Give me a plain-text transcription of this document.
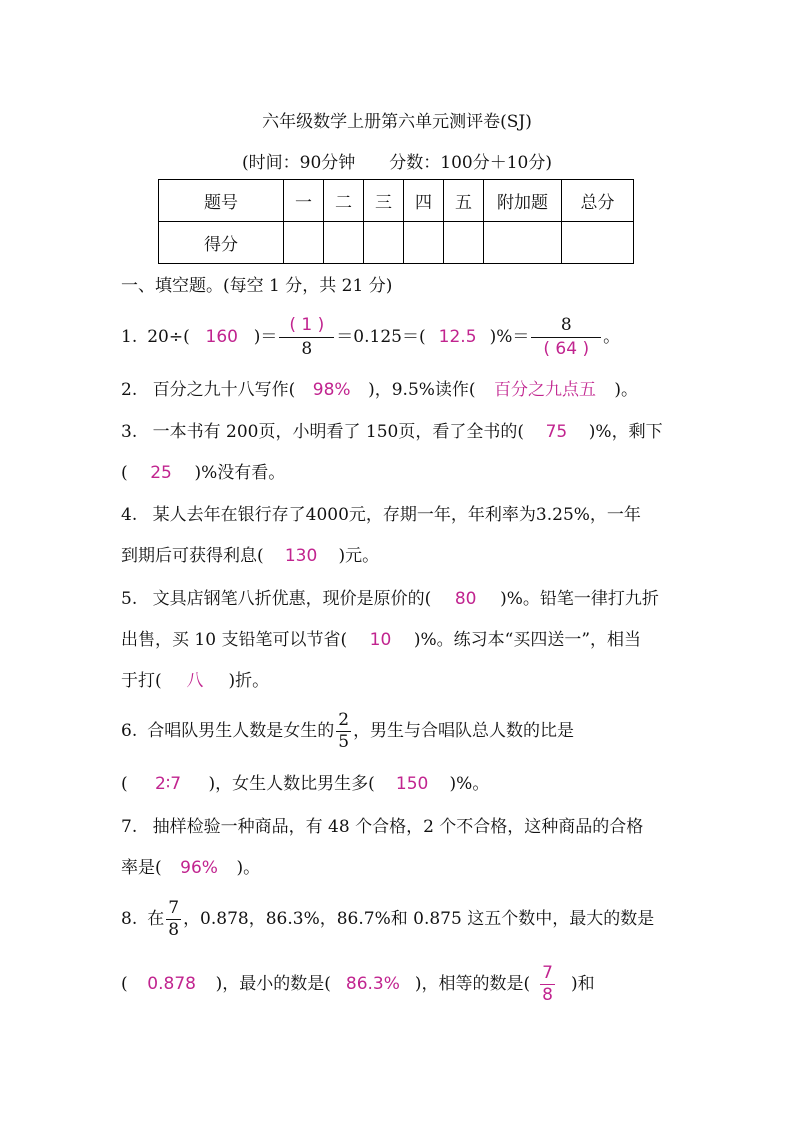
六年级数学上册第六单元测评卷(SJ)
(时间：90分钟　　分数：100分＋10分)
题号	一	二	三	四	五	附加题	总分
得分							
一、填空题。(每空 1 分，共 21 分)
1. 20÷( 160 )＝ $\frac{( 1 )}{8} =0.125=$( 12.5 )%＝ $\frac{8}{( 64 )}$ 。
2. 百分之九十八写作( 98% )，9.5%读作( 百分之九点五 )。
3. 一本书有 200页，小明看了 150页，看了全书的( 75 )%，剩下
( 25 )%没有看。
4. 某人去年在银行存了4000元，存期一年，年利率为3.25%，一年
到期后可获得利息( 130 )元。
5. 文具店钢笔八折优惠，现价是原价的( 80 )%。铅笔一律打九折
出售，买 10 支铅笔可以节省( 10 )%。练习本“买四送一”，相当
于打( 八 )折。
6. 合唱队男生人数是女生的 $\frac{2}{5}$ ，男生与合唱队总人数的比是
( 2∶7 )，女生人数比男生多( 150 )%。
7. 抽样检验一种商品，有 48 个合格，2 个不合格，这种商品的合格
率是( 96% )。
8. 在 $\frac{7}{8}$ ，0.878，86.3%，86.7%和 0.875 这五个数中，最大的数是
(	0.878	)，最小的数是( 86.3% )，相等的数是( $\frac{7}{8}$ )和
